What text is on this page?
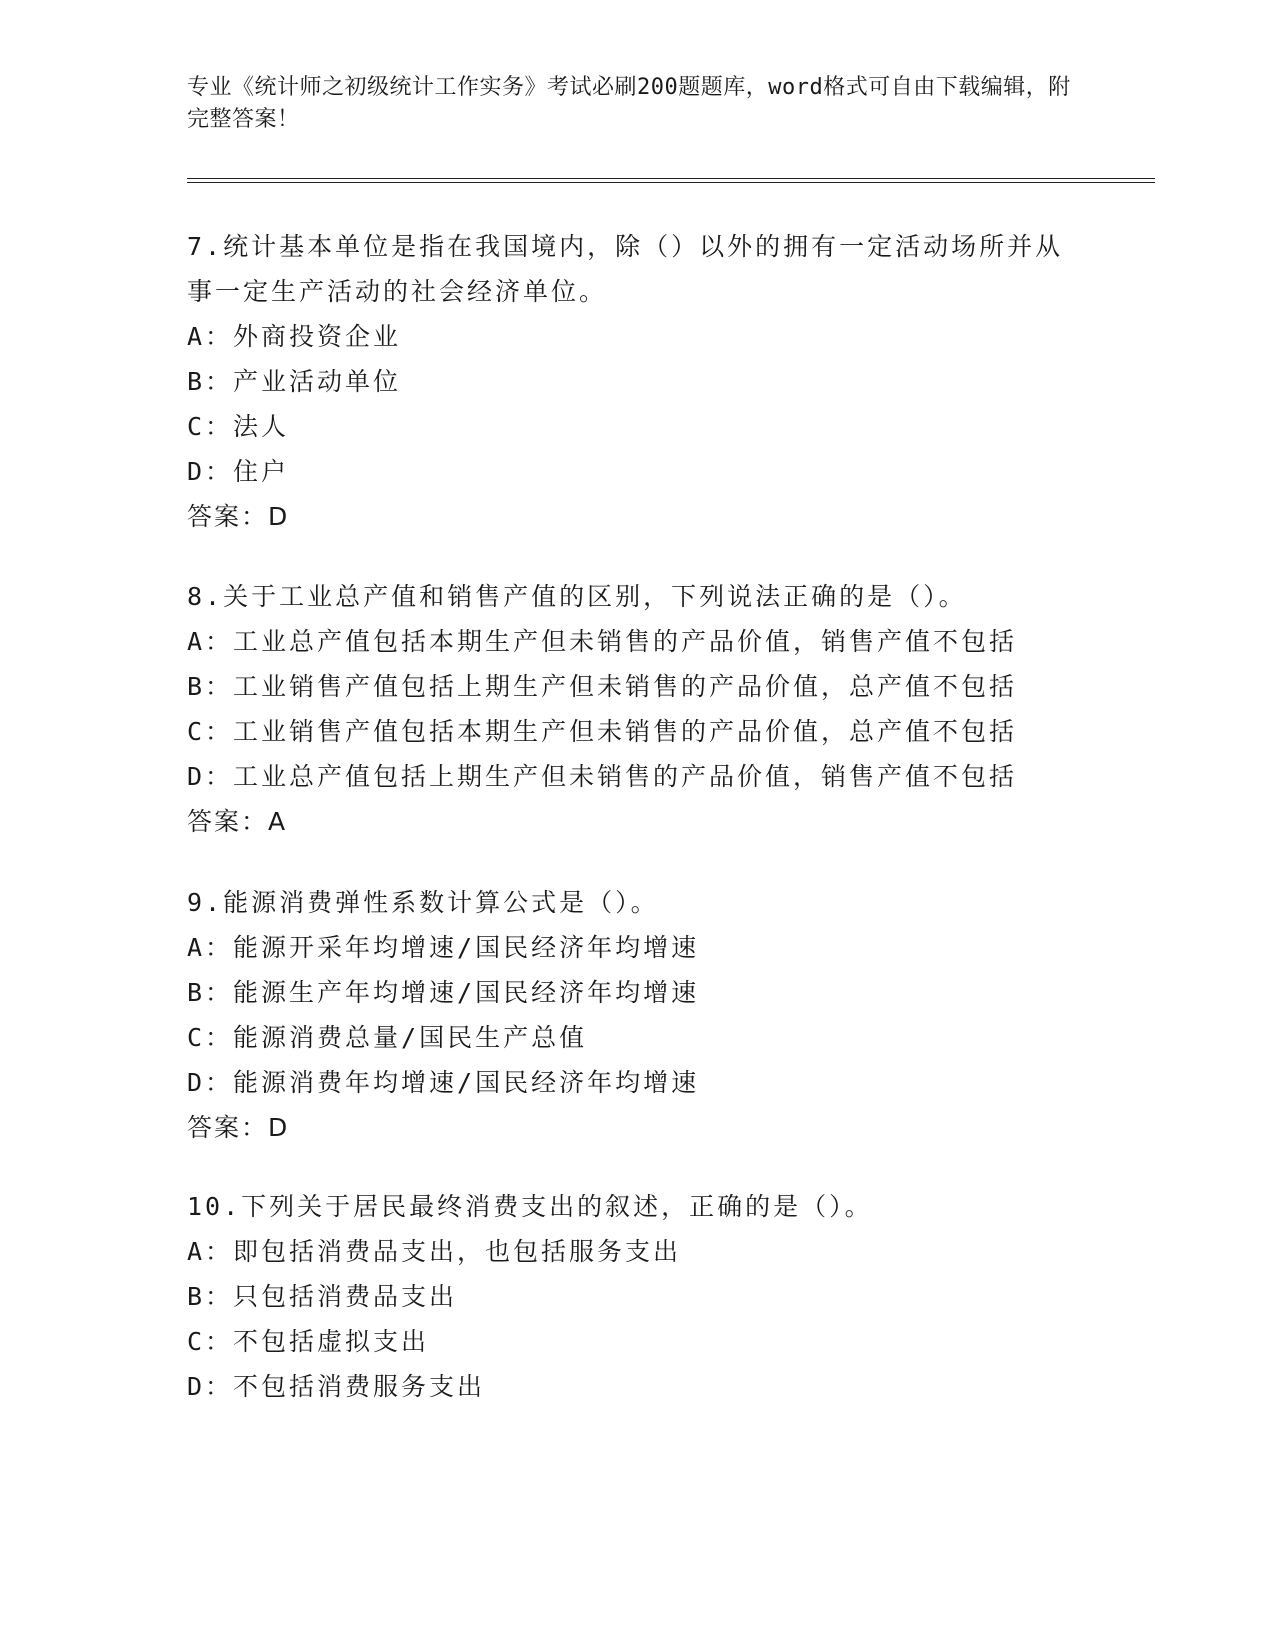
专业《统计师之初级统计工作实务》考试必刷200题题库，word格式可自由下载编辑，附完整答案！

7.统计基本单位是指在我国境内，除（）以外的拥有一定活动场所并从事一定生产活动的社会经济单位。

A：外商投资企业

B：产业活动单位

C：法人

D：住户

答案：D

8.关于工业总产值和销售产值的区别，下列说法正确的是（）。

A：工业总产值包括本期生产但未销售的产品价值，销售产值不包括

B：工业销售产值包括上期生产但未销售的产品价值，总产值不包括

C：工业销售产值包括本期生产但未销售的产品价值，总产值不包括

D：工业总产值包括上期生产但未销售的产品价值，销售产值不包括

答案：A

9.能源消费弹性系数计算公式是（）。

A：能源开采年均增速/国民经济年均增速

B：能源生产年均增速/国民经济年均增速

C：能源消费总量/国民生产总值

D：能源消费年均增速/国民经济年均增速

答案：D

10.下列关于居民最终消费支出的叙述，正确的是（）。

A：即包括消费品支出，也包括服务支出

B：只包括消费品支出

C：不包括虚拟支出

D：不包括消费服务支出
